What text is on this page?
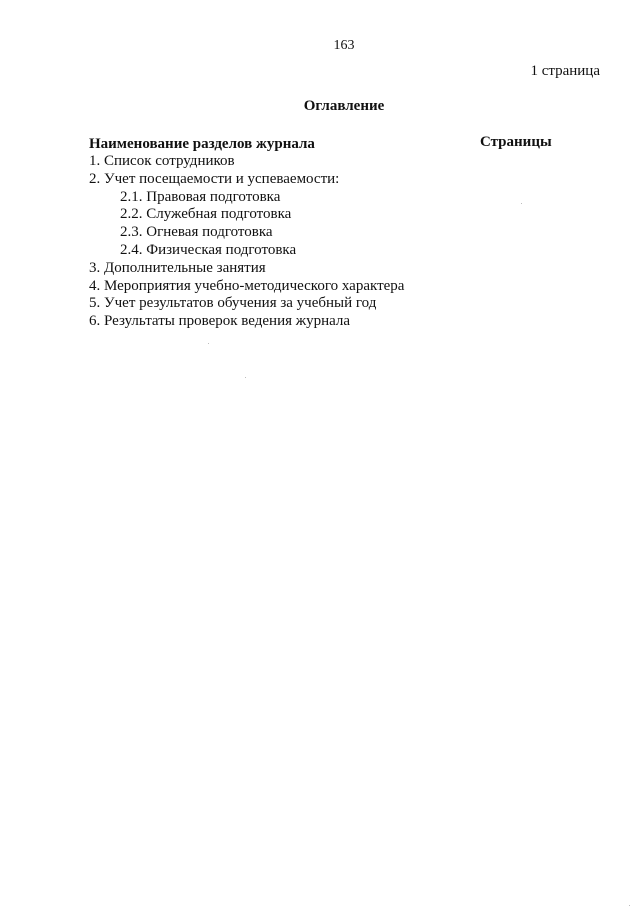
163
1 страница
Оглавление
Наименование разделов журнала	Страницы
1. Список сотрудников
2. Учет посещаемости и успеваемости:
2.1. Правовая подготовка
2.2. Служебная подготовка
2.3. Огневая подготовка
2.4. Физическая подготовка
3. Дополнительные занятия
4. Мероприятия учебно-методического характера
5. Учет результатов обучения за учебный год
6. Результаты проверок ведения журнала
